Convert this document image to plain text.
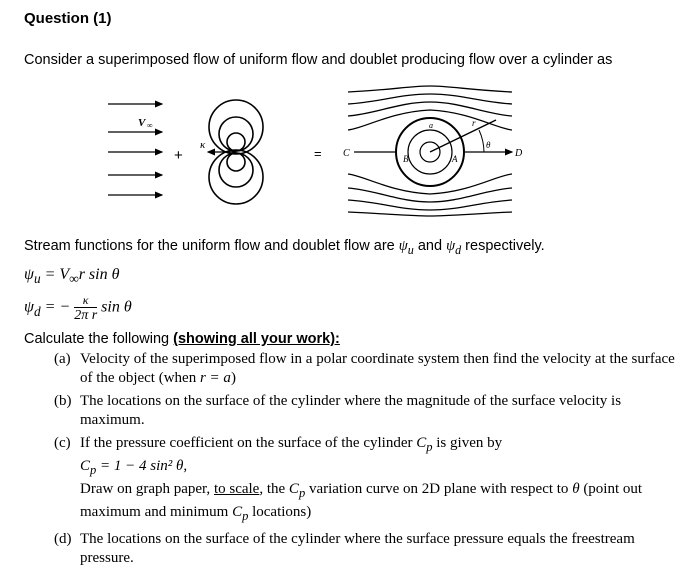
Question (1)
Consider a superimposed flow of uniform flow and doublet producing flow over a cylinder as
V ∞
+
κ
= C	D
A
B
r
θ
a
Stream functions for the uniform flow and doublet flow are $\psi_u$ and $\psi_d$ respectively.
$\psi_u = V_\infty r$ sin θ
$\psi_d$ = − $\frac{\kappa}{\text{2π r}}$ sin θ
Calculate the following (showing all your work):
(a) Velocity of the superimposed flow in a polar coordinate system then find the velocity at the surface of the object (when r = a)
(b) The locations on the surface of the cylinder where the magnitude of the surface velocity is maximum.
(c) If the pressure coefficient on the surface of the cylinder $C_p$ is given by
$C_p = 1 - 4$ sin² θ,
Draw on graph paper, to scale, the $C_p$ variation curve on 2D plane with respect to θ (point out maximum and minimum $C_p$ locations)
(d) The locations on the surface of the cylinder where the surface pressure equals the freestream pressure.
